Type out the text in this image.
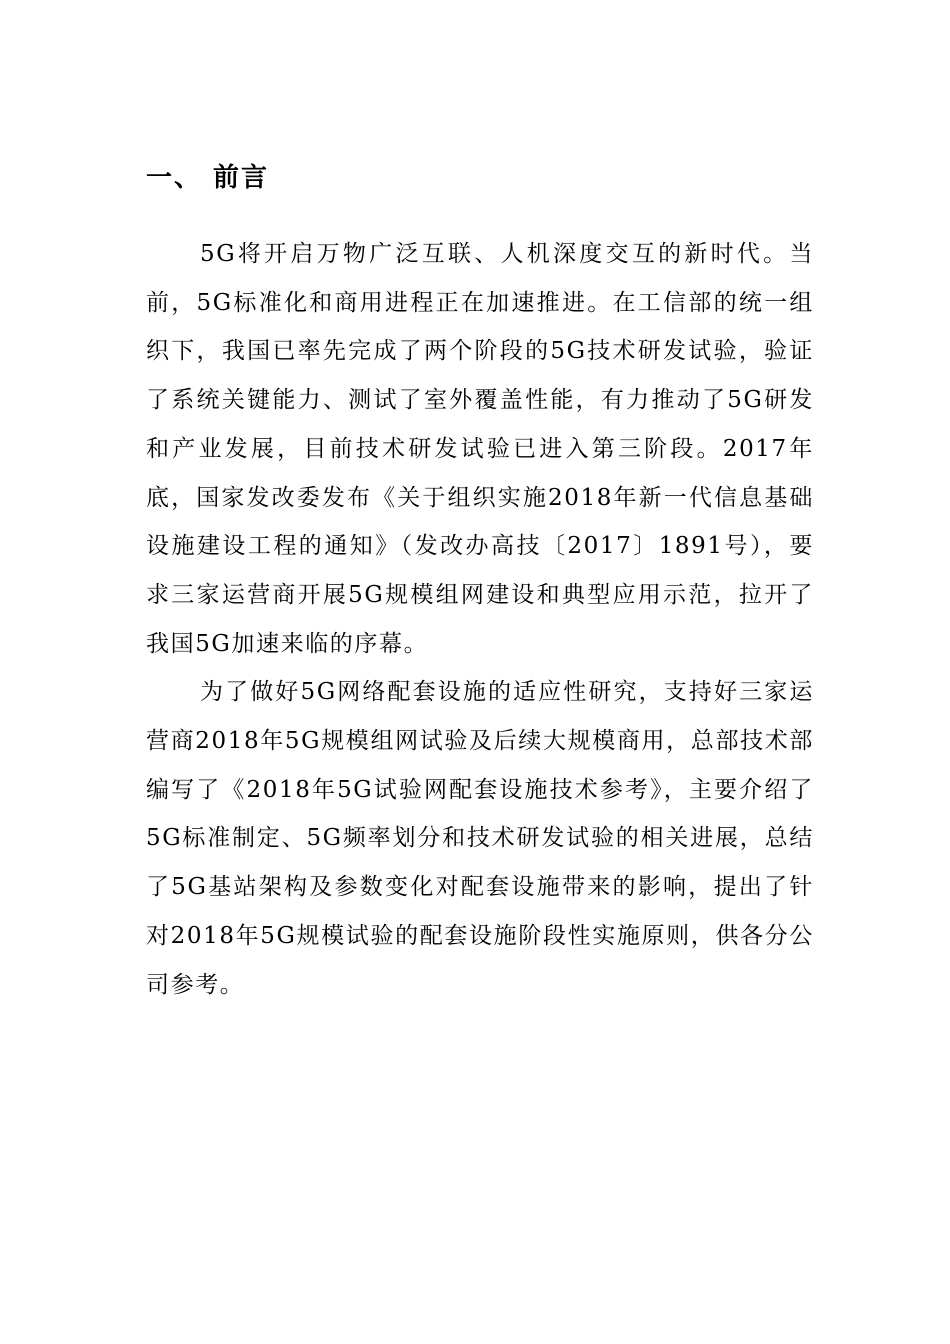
一、 前言

5G将开启万物广泛互联、人机深度交互的新时代。当前，5G标准化和商用进程正在加速推进。在工信部的统一组织下，我国已率先完成了两个阶段的5G技术研发试验，验证了系统关键能力、测试了室外覆盖性能，有力推动了5G研发和产业发展，目前技术研发试验已进入第三阶段。2017年底，国家发改委发布《关于组织实施2018年新一代信息基础设施建设工程的通知》（发改办高技〔2017〕1891号），要求三家运营商开展5G规模组网建设和典型应用示范，拉开了我国5G加速来临的序幕。

为了做好5G网络配套设施的适应性研究，支持好三家运营商2018年5G规模组网试验及后续大规模商用，总部技术部编写了《2018年5G试验网配套设施技术参考》，主要介绍了5G标准制定、5G频率划分和技术研发试验的相关进展，总结了5G基站架构及参数变化对配套设施带来的影响，提出了针对2018年5G规模试验的配套设施阶段性实施原则，供各分公司参考。
